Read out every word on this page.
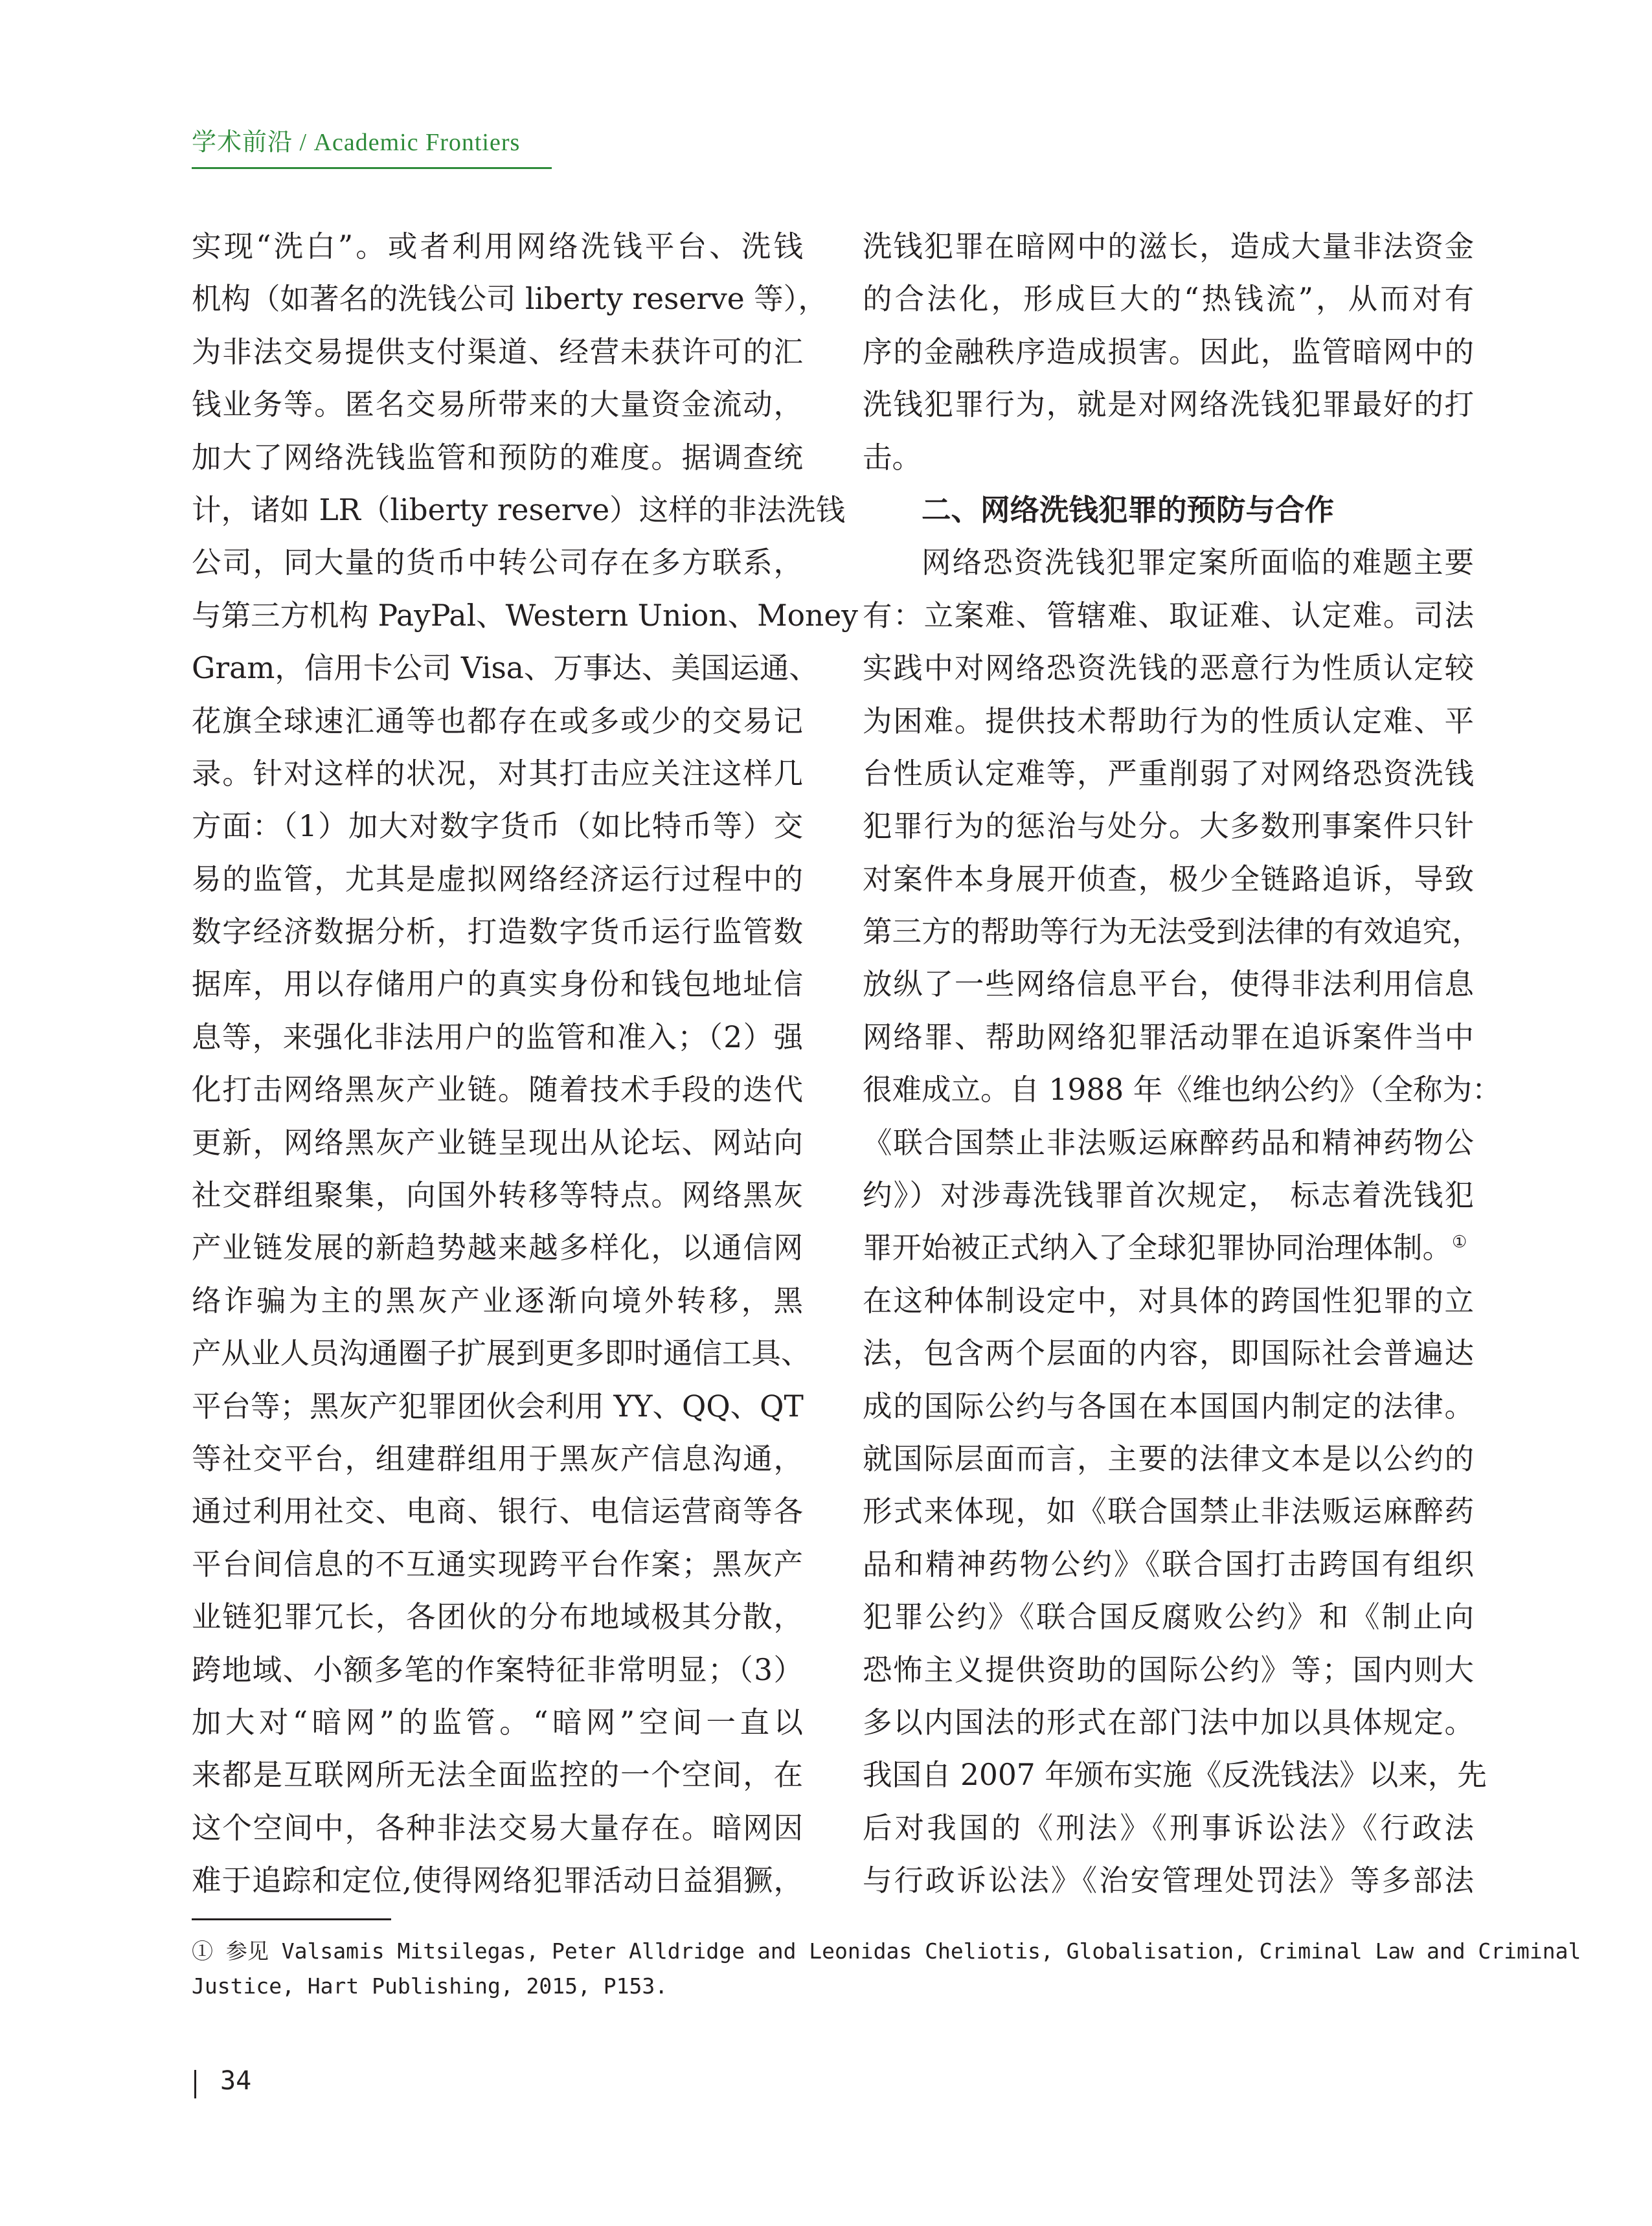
学术前沿 / Academic Frontiers
实现“洗白”。或者利用网络洗钱平台、洗钱
机构（如著名的洗钱公司 liberty reserve 等），
为非法交易提供支付渠道、经营未获许可的汇
钱业务等。匿名交易所带来的大量资金流动，
加大了网络洗钱监管和预防的难度。据调查统
计，诸如 LR（liberty reserve）这样的非法洗钱
公司，同大量的货币中转公司存在多方联系，
与第三方机构 PayPal、Western Union、Money
Gram，信用卡公司 Visa、万事达、美国运通、
花旗全球速汇通等也都存在或多或少的交易记
录。针对这样的状况，对其打击应关注这样几
方面：（1）加大对数字货币（如比特币等）交
易的监管，尤其是虚拟网络经济运行过程中的
数字经济数据分析，打造数字货币运行监管数
据库，用以存储用户的真实身份和钱包地址信
息等，来强化非法用户的监管和准入；（2）强
化打击网络黑灰产业链。随着技术手段的迭代
更新，网络黑灰产业链呈现出从论坛、网站向
社交群组聚集，向国外转移等特点。网络黑灰
产业链发展的新趋势越来越多样化，以通信网
络诈骗为主的黑灰产业逐渐向境外转移，黑
产从业人员沟通圈子扩展到更多即时通信工具、
平台等；黑灰产犯罪团伙会利用 YY、QQ、QT
等社交平台，组建群组用于黑灰产信息沟通，
通过利用社交、电商、银行、电信运营商等各
平台间信息的不互通实现跨平台作案；黑灰产
业链犯罪冗长，各团伙的分布地域极其分散，
跨地域、小额多笔的作案特征非常明显；（3）
加大对“暗网”的监管。“暗网”空间一直以
来都是互联网所无法全面监控的一个空间，在
这个空间中，各种非法交易大量存在。暗网因
难于追踪和定位,使得网络犯罪活动日益猖獗，
洗钱犯罪在暗网中的滋长，造成大量非法资金
的合法化，形成巨大的“热钱流”，从而对有
序的金融秩序造成损害。因此，监管暗网中的
洗钱犯罪行为，就是对网络洗钱犯罪最好的打
击。
二、网络洗钱犯罪的预防与合作
网络恐资洗钱犯罪定案所面临的难题主要
有：立案难、管辖难、取证难、认定难。司法
实践中对网络恐资洗钱的恶意行为性质认定较
为困难。提供技术帮助行为的性质认定难、平
台性质认定难等，严重削弱了对网络恐资洗钱
犯罪行为的惩治与处分。大多数刑事案件只针
对案件本身展开侦查，极少全链路追诉，导致
第三方的帮助等行为无法受到法律的有效追究，
放纵了一些网络信息平台，使得非法利用信息
网络罪、帮助网络犯罪活动罪在追诉案件当中
很难成立。自 1988 年《维也纳公约》（全称为：
《联合国禁止非法贩运麻醉药品和精神药物公
约》）对涉毒洗钱罪首次规定， 标志着洗钱犯
罪开始被正式纳入了全球犯罪协同治理体制。①
在这种体制设定中，对具体的跨国性犯罪的立
法，包含两个层面的内容，即国际社会普遍达
成的国际公约与各国在本国国内制定的法律。
就国际层面而言，主要的法律文本是以公约的
形式来体现，如《联合国禁止非法贩运麻醉药
品和精神药物公约》《联合国打击跨国有组织
犯罪公约》《联合国反腐败公约》和《制止向
恐怖主义提供资助的国际公约》等；国内则大
多以内国法的形式在部门法中加以具体规定。
我国自 2007 年颁布实施《反洗钱法》以来，先
后对我国的《刑法》《刑事诉讼法》《行政法
与行政诉讼法》《治安管理处罚法》等多部法
① 参见 Valsamis Mitsilegas, Peter Alldridge and Leonidas Cheliotis, Globalisation, Criminal Law and Criminal
Justice, Hart Publishing, 2015, P153.
34
